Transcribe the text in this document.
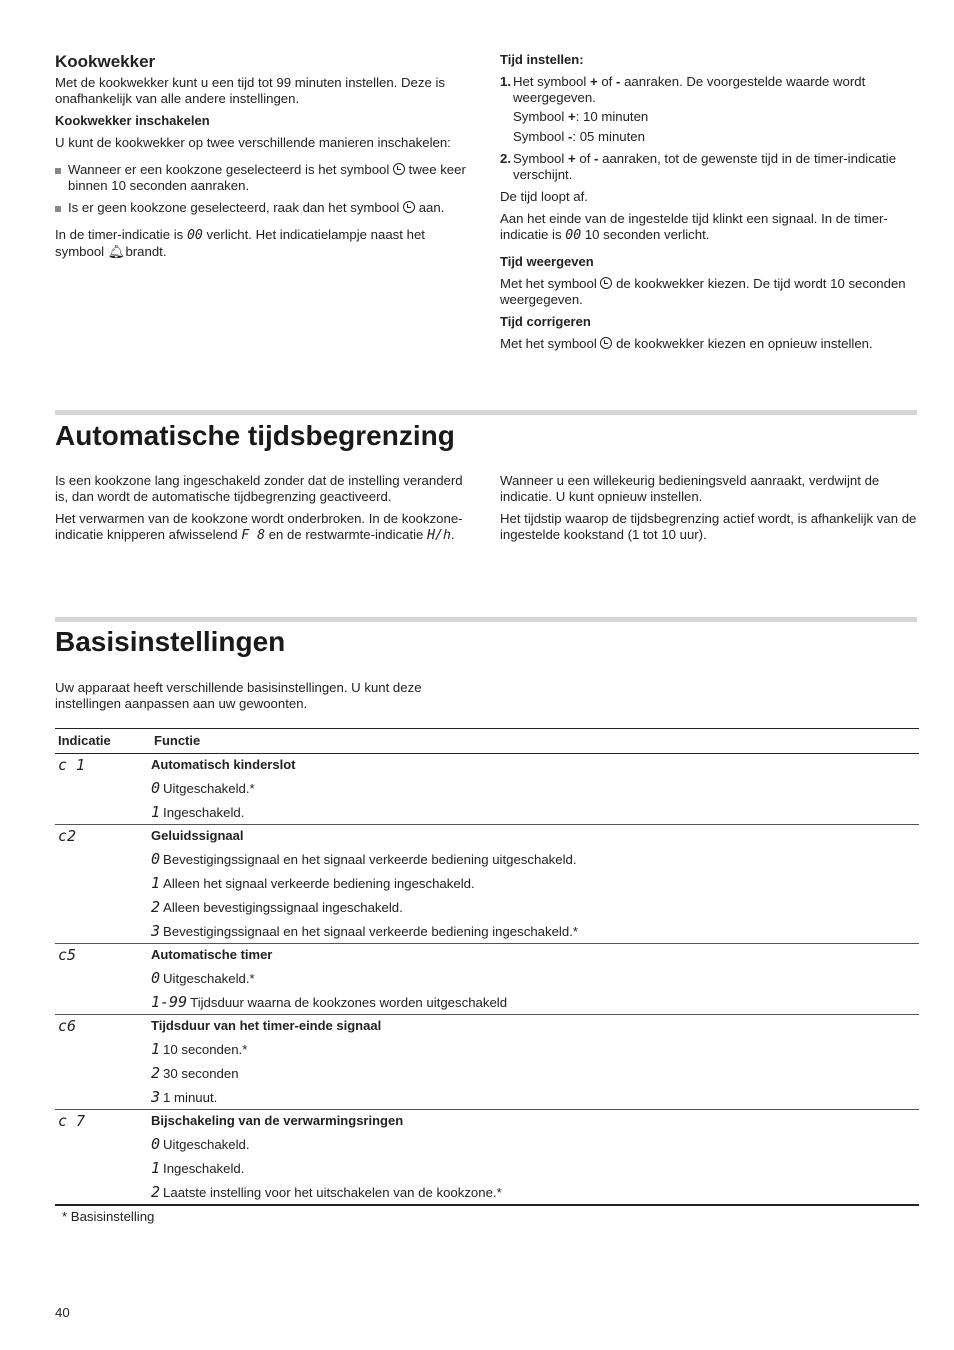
Kookwekker

Met de kookwekker kunt u een tijd tot 99 minuten instellen. Deze is onafhankelijk van alle andere instellingen.

Kookwekker inschakelen

U kunt de kookwekker op twee verschillende manieren inschakelen:

Wanneer er een kookzone geselecteerd is het symbool twee keer binnen 10 seconden aanraken.
Is er geen kookzone geselecteerd, raak dan het symbool aan.

In de timer-indicatie is 00 verlicht. Het indicatielampje naast het symbool 🔔︎ brandt.

Tijd instellen:
1. Het symbool + of - aanraken. De voorgestelde waarde wordt weergegeven.
Symbool +: 10 minuten
Symbool -: 05 minuten
2. Symbool + of - aanraken, tot de gewenste tijd in de timer-indicatie verschijnt.

De tijd loopt af.

Aan het einde van de ingestelde tijd klinkt een signaal. In de timer-indicatie is 00 10 seconden verlicht.

Tijd weergeven

Met het symbool de kookwekker kiezen. De tijd wordt 10 seconden weergegeven.

Tijd corrigeren

Met het symbool de kookwekker kiezen en opnieuw instellen.

Automatische tijdsbegrenzing

Is een kookzone lang ingeschakeld zonder dat de instelling veranderd is, dan wordt de automatische tijdbegrenzing geactiveerd.

Het verwarmen van de kookzone wordt onderbroken. In de kookzone-indicatie knipperen afwisselend F 8 en de restwarmte-indicatie H/h.

Wanneer u een willekeurig bedieningsveld aanraakt, verdwijnt de indicatie. U kunt opnieuw instellen.

Het tijdstip waarop de tijdsbegrenzing actief wordt, is afhankelijk van de ingestelde kookstand (1 tot 10 uur).

Basisinstellingen

Uw apparaat heeft verschillende basisinstellingen. U kunt deze instellingen aanpassen aan uw gewoonten.

Indicatie	Functie
c 1	Automatisch kinderslot
0 Uitgeschakeld.*
1 Ingeschakeld.

c2	Geluidssignaal
0 Bevestigingssignaal en het signaal verkeerde bediening uitgeschakeld.
1 Alleen het signaal verkeerde bediening ingeschakeld.
2 Alleen bevestigingssignaal ingeschakeld.
3 Bevestigingssignaal en het signaal verkeerde bediening ingeschakeld.*

c5	Automatische timer
0 Uitgeschakeld.*
1-99 Tijdsduur waarna de kookzones worden uitgeschakeld

c6	Tijdsduur van het timer-einde signaal
1 10 seconden.*
2 30 seconden
3 1 minuut.

c 7	Bijschakeling van de verwarmingsringen
0 Uitgeschakeld.
1 Ingeschakeld.
2 Laatste instelling voor het uitschakelen van de kookzone.*

* Basisinstelling

40
